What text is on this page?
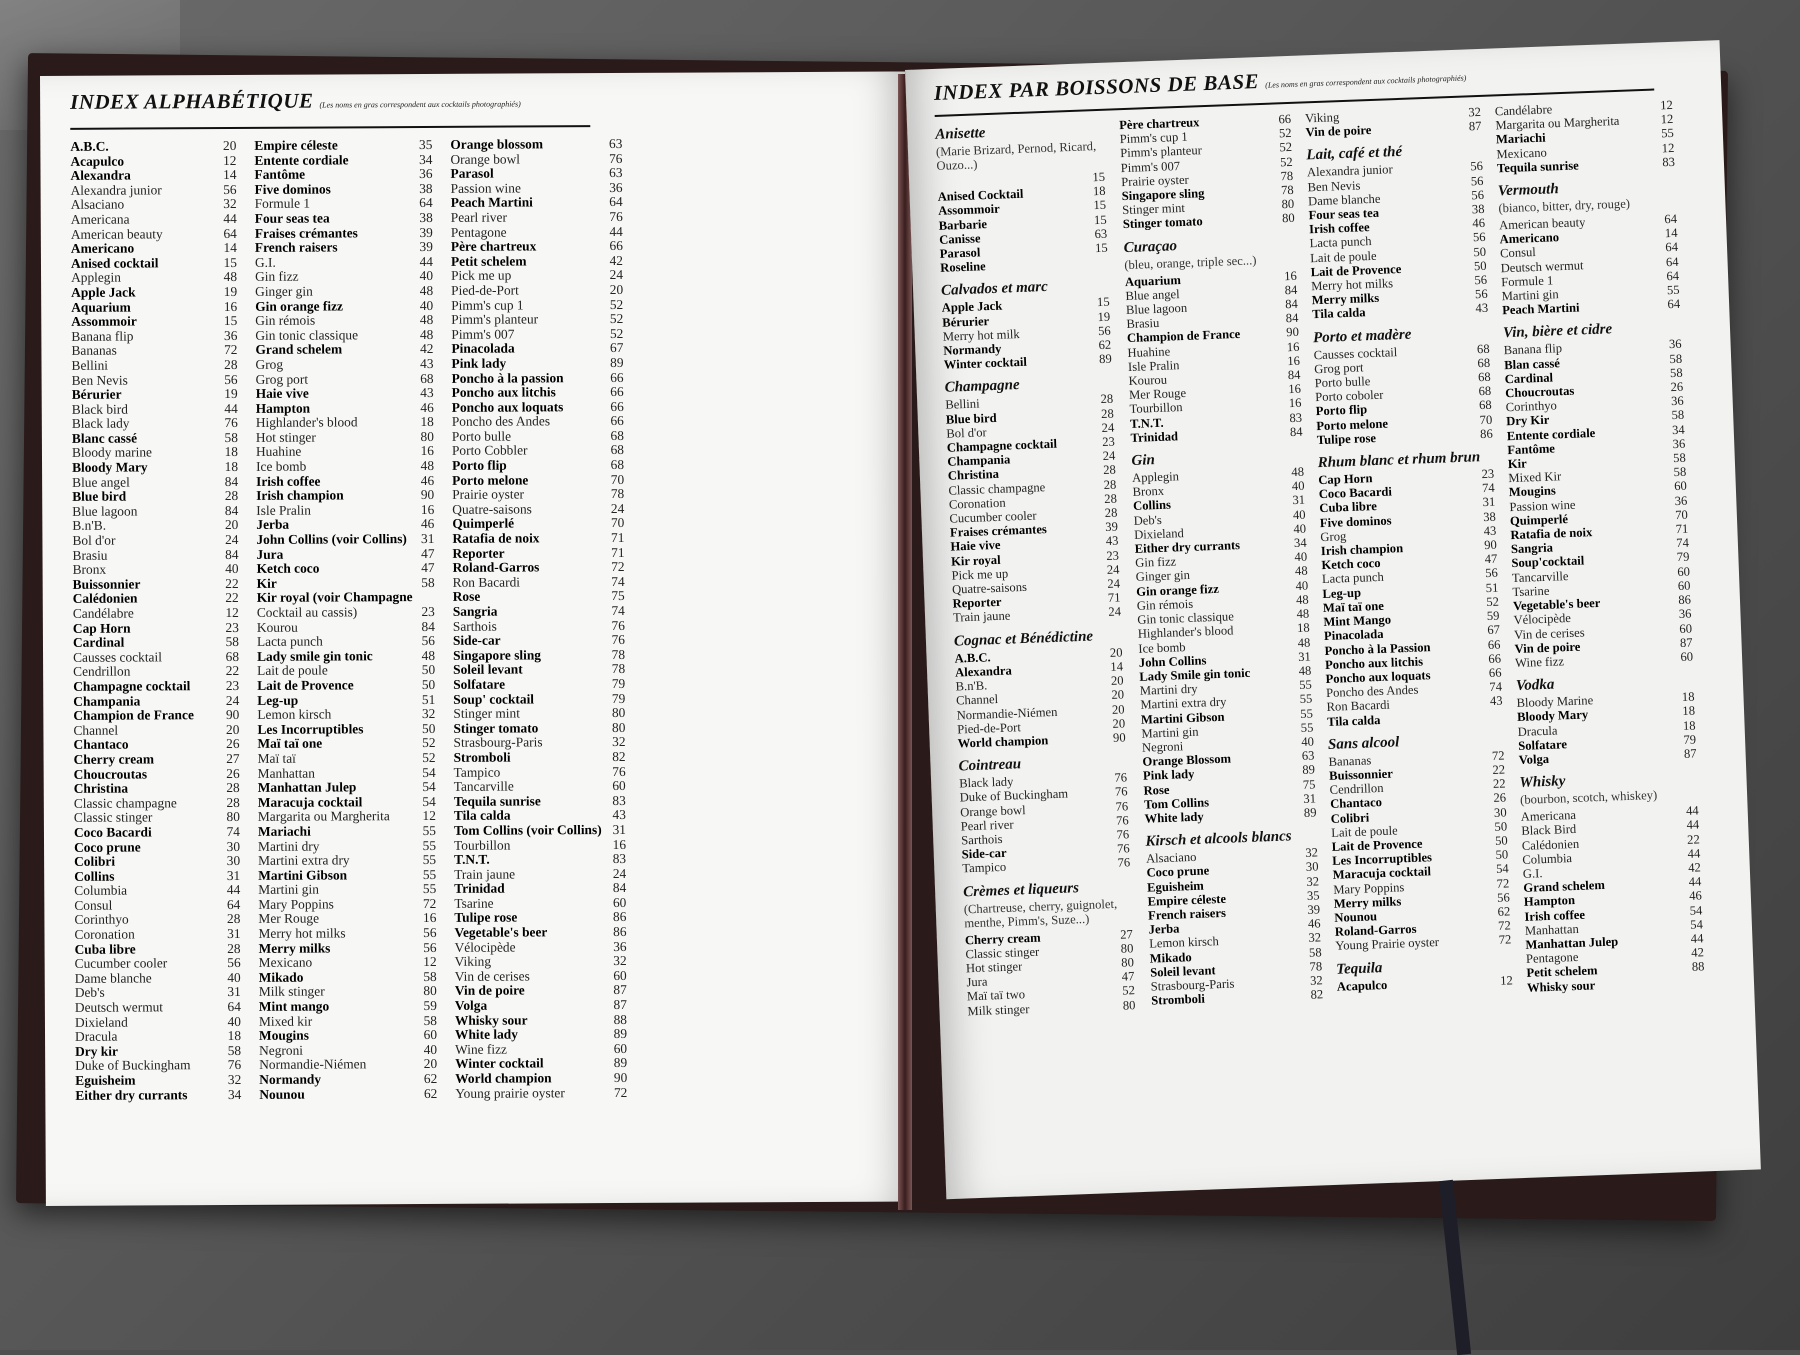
INDEX ALPHABÉTIQUE (Les noms en gras correspondent aux cocktails photographiés)
A.B.C.	20
Acapulco	12
Alexandra	14
Alexandra junior	56
Alsaciano	32
Americana	44
American beauty	64
Americano	14
Anised cocktail	15
Applegin	48
Apple Jack	19
Aquarium	16
Assommoir	15
Banana flip	36
Bananas	72
Bellini	28
Ben Nevis	56
Bérurier	19
Black bird	44
Black lady	76
Blanc cassé	58
Bloody marine	18
Bloody Mary	18
Blue angel	84
Blue bird	28
Blue lagoon	84
B.n'B.	20
Bol d'or	24
Brasiu	84
Bronx	40
Buissonnier	22
Calédonien	22
Candélabre	12
Cap Horn	23
Cardinal	58
Causses cocktail	68
Cendrillon	22
Champagne cocktail	23
Champania	24
Champion de France 90
Channel	20
Chantaco	26
Cherry cream	27
Choucroutas	26
Christina	28
Classic champagne	28
Classic stinger	80
Coco Bacardi	74
Coco prune	30
Colibri	30
Collins	31
Columbia	44
Consul	64
Corinthyo	28
Coronation	31
Cuba libre	28
Cucumber cooler	56
Dame blanche	40
Deb's	31
Deutsch wermut	64
Dixieland	40
Dracula	18
Dry kir	58
Duke of Buckingham	76
Eguisheim	32
Either dry currants	34
Empire céleste	35
Entente cordiale	34
Fantôme	36
Five dominos	38
Formule 1	64
Four seas tea	38
Fraises crémantes	39
French raisers	39
G.I.	44
Gin fizz	40
Ginger gin	48
Gin orange fizz	40
Gin rémois	48
Gin tonic classique	48
Grand schelem	42
Grog	43
Grog port	68
Haie vive	43
Hampton	46
Highlander's blood	18
Hot stinger	80
Huahine	16
Ice bomb	48
Irish coffee	46
Irish champion	90
Isle Pralin	16
Jerba	46
John Collins (voir Collins) 31
Jura	47
Ketch coco	47
Kir	58
Kir royal (voir Champagne
Cocktail au cassis)	23
Kourou	84
Lacta punch	56
Lady smile gin tonic	48
Lait de poule	50
Lait de Provence	50
Leg-up	51
Lemon kirsch	32
Les Incorruptibles	50
Maï taï one	52
Maï taï	52
Manhattan	54
Manhattan Julep	54
Maracuja cocktail	54
Margarita ou Margherita 12
Mariachi	55
Martini dry	55
Martini extra dry	55
Martini Gibson	55
Martini gin	55
Mary Poppins	72
Mer Rouge	16
Merry hot milks	56
Merry milks	56
Mexicano	12
Mikado	58
Milk stinger	80
Mint mango	59
Mixed kir	58
Mougins	60
Negroni	40
Normandie-Niémen	20
Normandy	62
Nounou	62
Orange blossom	63
Orange bowl	76
Parasol	63
Passion wine	36
Peach Martini	64
Pearl river	76
Pentagone	44
Père chartreux	66
Petit schelem	42
Pick me up	24
Pied-de-Port	20
Pimm's cup 1	52
Pimm's planteur	52
Pimm's 007	52
Pinacolada	67
Pink lady	89
Poncho à la passion	66
Poncho aux litchis	66
Poncho aux loquats	66
Poncho des Andes	66
Porto bulle	68
Porto Cobbler	68
Porto flip	68
Porto melone	70
Prairie oyster	78
Quatre-saisons	24
Quimperlé	70
Ratafia de noix	71
Reporter	71
Roland-Garros	72
Ron Bacardi	74
Rose	75
Sangria	74
Sarthois	76
Side-car	76
Singapore sling	78
Soleil levant	78
Solfatare	79
Soup' cocktail	79
Stinger mint	80
Stinger tomato	80
Strasbourg-Paris	32
Stromboli	82
Tampico	76
Tancarville	60
Tequila sunrise	83
Tila calda	43
Tom Collins (voir Collins) 31
Tourbillon	16
T.N.T.	83
Train jaune	24
Trinidad	84
Tsarine	60
Tulipe rose	86
Vegetable's beer	86
Vélocipède	36
Viking	32
Vin de cerises	60
Vin de poire	87
Volga	87
Whisky sour	88
White lady	89
Wine fizz	60
Winter cocktail	89
World champion	90
Young prairie oyster	72
INDEX PAR BOISSONS DE BASE (Les noms en gras correspondent aux cocktails photographiés)
Anisette
(Marie Brizard, Pernod, Ricard, Ouzo...)
15
Anised Cocktail	18
Assommoir	15
Barbarie	15
Canisse	63
Parasol	15
Roseline
Calvados et marc
Apple Jack	15
Bérurier	19
Merry hot milk	56
Normandy	62
Winter cocktail	89
Champagne
Bellini	28
Blue bird	28
Bol d'or	24
Champagne cocktail	23
Champania	24
Christina	28
Classic champagne	28
Coronation	28
Cucumber cooler	28
Fraises crémantes	39
Haie vive	43
Kir royal	23
Pick me up	24
Quatre-saisons	24
Reporter	71
Train jaune	24
Cognac et Bénédictine
A.B.C.	20
Alexandra	14
B.n'B.	20
Channel	20
Normandie-Niémen	20
Pied-de-Port	20
World champion	90
Cointreau
Black lady	76
Duke of Buckingham	76
Orange bowl	76
Pearl river	76
Sarthois	76
Side-car	76
Tampico	76
Crèmes et liqueurs
(Chartreuse, cherry, guignolet, menthe, Pimm's, Suze...)
Cherry cream	27
Classic stinger	80
Hot stinger	80
Jura	47
Maï taï two	52
Milk stinger	80
Père chartreux	66
Pimm's cup 1	52
Pimm's planteur	52
Pimm's 007	52
Prairie oyster	78
Singapore sling	78
Stinger mint	80
Stinger tomato	80
Curaçao
(bleu, orange, triple sec...)
Aquarium	16
Blue angel	84
Blue lagoon	84
Brasiu	84
Champion de France	90
Huahine	16
Isle Pralin	16
Kourou	84
Mer Rouge	16
Tourbillon	16
T.N.T.	83
Trinidad	84
Gin
Applegin	48
Bronx	40
Collins	31
Deb's	40
Dixieland	40
Either dry currants	34
Gin fizz	40
Ginger gin	48
Gin orange fizz	40
Gin rémois	48
Gin tonic classique	48
Highlander's blood	18
Ice bomb	48
John Collins	31
Lady Smile gin tonic	48
Martini dry	55
Martini extra dry	55
Martini Gibson	55
Martini gin	55
Negroni	40
Orange Blossom	63
Pink lady	89
Rose	75
Tom Collins	31
White lady	89
Kirsch et alcools blancs
Alsaciano	32
Coco prune	30
Eguisheim	32
Empire céleste	35
French raisers	39
Jerba	46
Lemon kirsch	32
Mikado	58
Soleil levant	78
Strasbourg-Paris	32
Stromboli	82
Viking	32
Vin de poire	87
Lait, café et thé
Alexandra junior	56
Ben Nevis	56
Dame blanche	56
Four seas tea	38
Irish coffee	46
Lacta punch	56
Lait de poule	50
Lait de Provence	50
Merry hot milks	56
Merry milks	56
Tila calda	43
Porto et madère
Causses cocktail	68
Grog port	68
Porto bulle	68
Porto coboler	68
Porto flip	68
Porto melone	70
Tulipe rose	86
Rhum blanc et rhum brun
Cap Horn	23
Coco Bacardi	74
Cuba libre	31
Five dominos	38
Grog	43
Irish champion	90
Ketch coco	47
Lacta punch	56
Leg-up	51
Maï taï one	52
Mint Mango	59
Pinacolada	67
Poncho à la Passion	66
Poncho aux litchis	66
Poncho aux loquats	66
Poncho des Andes	74
Ron Bacardi	43
Tila calda
Sans alcool
Bananas	72
Buissonnier	22
Cendrillon	22
Chantaco	26
Colibri	30
Lait de poule	50
Lait de Provence	50
Les Incorruptibles	50
Maracuja cocktail	54
Mary Poppins	72
Merry milks	56
Nounou	62
Roland-Garros	72
Young Prairie oyster	72
Tequila
Acapulco	12
Candélabre	12
Margarita ou Margherita	12
Mariachi	55
Mexicano	12
Tequila sunrise	83
Vermouth
(bianco, bitter, dry, rouge)
American beauty	64
Americano	14
Consul	64
Deutsch wermut	64
Formule 1	64
Martini gin	55
Peach Martini	64
Vin, bière et cidre
Banana flip	36
Blan cassé	58
Cardinal	58
Choucroutas	26
Corinthyo	36
Dry Kir	58
Entente cordiale	34
Fantôme	36
Kir	58
Mixed Kir	58
Mougins	60
Passion wine	36
Quimperlé	70
Ratafia de noix	71
Sangria	74
Soup'cocktail	79
Tancarville	60
Tsarine	60
Vegetable's beer	86
Vélocipède	36
Vin de cerises	60
Vin de poire	87
Wine fizz	60
Vodka
Bloody Marine	18
Bloody Mary	18
Dracula	18
Solfatare	79
Volga	87
Whisky
(bourbon, scotch, whiskey)
Americana	44
Black Bird	44
Calédonien	22
Columbia	44
G.I.	42
Grand schelem	44
Hampton	46
Irish coffee	54
Manhattan	54
Manhattan Julep	44
Pentagone	42
Petit schelem	88
Whisky sour
